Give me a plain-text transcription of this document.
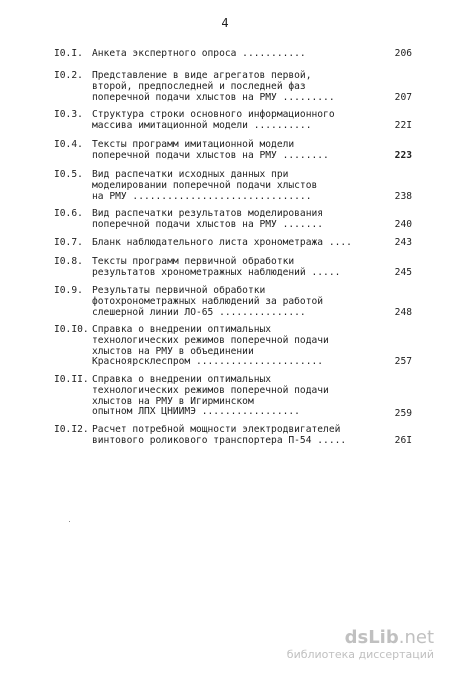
4
I0.I. Анкета экспертного опроса ...........	206
I0.2. Представление в виде агрегатов первой,
второй, предпоследней и последней фаз
поперечной подачи хлыстов на РМУ .........	207
I0.3. Структура строки основного информационного
массива имитационной модели ..........	22I
I0.4. Тексты программ имитационной модели
поперечной подачи хлыстов на РМУ ........	223
I0.5. Вид распечатки исходных данных при
моделировании поперечной подачи хлыстов
на РМУ ...............................	238
I0.6. Вид распечатки результатов моделирования
поперечной подачи хлыстов на РМУ .......	240
I0.7. Бланк наблюдательного листа хронометража ....	243
I0.8. Тексты программ первичной обработки
результатов хронометражных наблюдений .....	245
I0.9. Результаты первичной обработки
фотохронометражных наблюдений за работой
слешерной линии ЛО-65 ...............	248
I0.I0. Справка о внедрении оптимальных
технологических режимов поперечной подачи
хлыстов на РМУ в объединении
Красноярсклеспром ......................	257
I0.II. Справка о внедрении оптимальных
технологических режимов поперечной подачи
хлыстов на РМУ в Игирминском
опытном ЛПХ ЦНИИМЭ .................	259
I0.I2. Расчет потребной мощности электродвигателей
винтового роликового транспортера П-54 .....	26I
dsLib.net
библиотека диссертаций
